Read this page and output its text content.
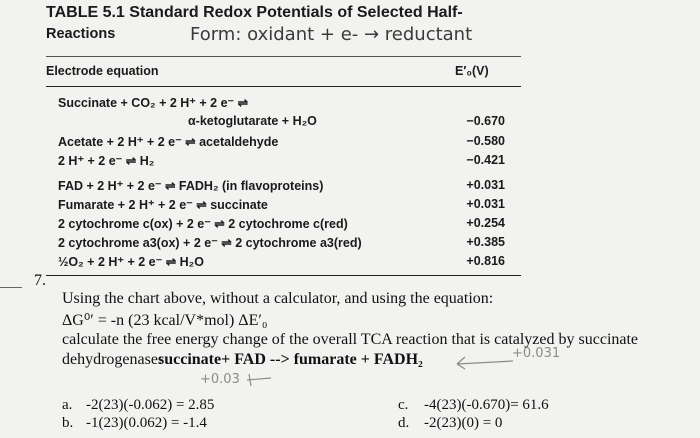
TABLE 5.1 Standard Redox Potentials of Selected Half-
Reactions	Form: oxidant + e- → reductant
Electrode equation	E′₀(V)
Succinate + CO₂ + 2 H⁺ + 2 e⁻ ⇌
α-ketoglutarate + H₂O	−0.670
Acetate + 2 H⁺ + 2 e⁻ ⇌ acetaldehyde	−0.580
2 H⁺ + 2 e⁻ ⇌ H₂	−0.421
FAD + 2 H⁺ + 2 e⁻ ⇌ FADH₂ (in flavoproteins)	+0.031
Fumarate + 2 H⁺ + 2 e⁻ ⇌ succinate	+0.031
2 cytochrome c(ox) + 2 e⁻ ⇌ 2 cytochrome c(red)	+0.254
2 cytochrome a3(ox) + 2 e⁻ ⇌ 2 cytochrome a3(red)	+0.385
½O₂ + 2 H⁺ + 2 e⁻ ⇌ H₂O	+0.816
7.
Using the chart above, without a calculator, and using the equation:
ΔG⁰′ = -n (23 kcal/V*mol) ΔE′₀
calculate the free energy change of the overall TCA reaction that is catalyzed by succinate
dehydrogenase:
succinate+ FAD --> fumarate + FADH₂	+0.031
+0.03
a. -2(23)(-0.062) = 2.85
b. -1(23)(0.062) = -1.4
c. -4(23)(-0.670)= 61.6
d. -2(23)(0) = 0
